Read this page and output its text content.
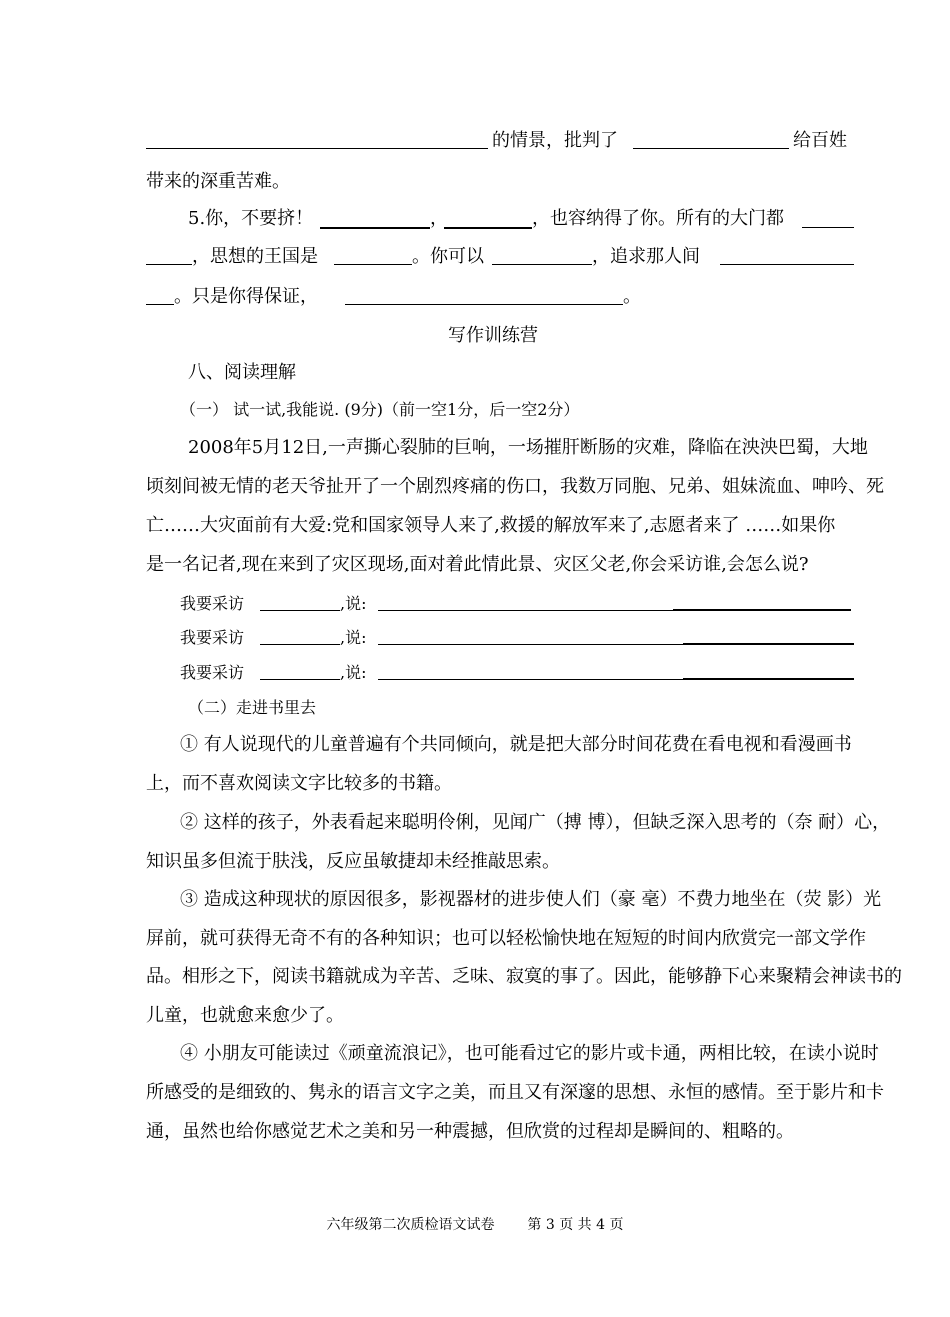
的情景，批判了	给百姓
带来的深重苦难。
5.你，不要挤！	，	，也容纳得了你。所有的大门都
，思想的王国是	。你可以	，追求那人间
。只是你得保证，	。
写作训练营
八、阅读理解
（一） 试一试,我能说. (9分)（前一空1分，后一空2分）
2008年5月12日,一声撕心裂肺的巨响，一场摧肝断肠的灾难，降临在泱泱巴蜀，大地
顷刻间被无情的老天爷扯开了一个剧烈疼痛的伤口，我数万同胞、兄弟、姐妹流血、呻吟、死
亡……大灾面前有大爱:党和国家领导人来了,救援的解放军来了,志愿者来了 ……如果你
是一名记者,现在来到了灾区现场,面对着此情此景、灾区父老,你会采访谁,会怎么说?
我要采访	,说:
我要采访	,说:
我要采访	,说:
（二）走进书里去
① 有人说现代的儿童普遍有个共同倾向，就是把大部分时间花费在看电视和看漫画书
上，而不喜欢阅读文字比较多的书籍。
② 这样的孩子，外表看起来聪明伶俐，见闻广（搏 博），但缺乏深入思考的（奈 耐）心，
知识虽多但流于肤浅，反应虽敏捷却未经推敲思索。
③ 造成这种现状的原因很多，影视器材的进步使人们（豪 毫）不费力地坐在（荧 影）光
屏前，就可获得无奇不有的各种知识；也可以轻松愉快地在短短的时间内欣赏完一部文学作
品。相形之下，阅读书籍就成为辛苦、乏味、寂寞的事了。因此，能够静下心来聚精会神读书的
儿童，也就愈来愈少了。
④ 小朋友可能读过《顽童流浪记》，也可能看过它的影片或卡通，两相比较，在读小说时
所感受的是细致的、隽永的语言文字之美，而且又有深邃的思想、永恒的感情。至于影片和卡
通，虽然也给你感觉艺术之美和另一种震撼，但欣赏的过程却是瞬间的、粗略的。
六年级第二次质检语文试卷 第 3 页 共 4 页
